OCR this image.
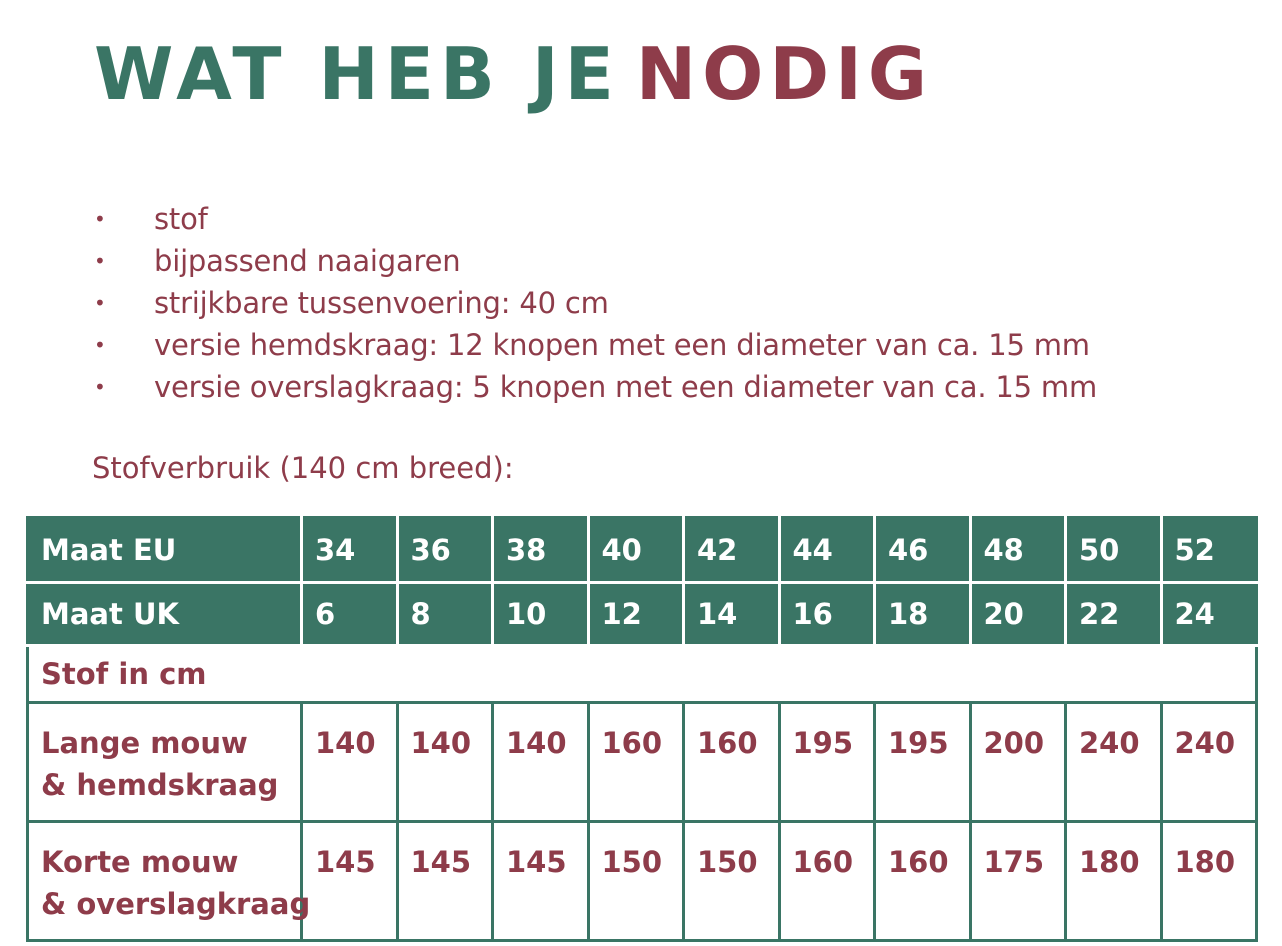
WAT HEB JE NODIG
• stof
• bijpassend naaigaren
• strijkbare tussenvoering: 40 cm
• versie hemdskraag: 12 knopen met een diameter van ca. 15 mm
• versie overslagkraag: 5 knopen met een diameter van ca. 15 mm
Stofverbruik (140 cm breed):
Maat EU	34	36	38	40	42	44	46	48	50	52
Maat UK	6	8	10	12	14	16	18	20	22	24
Stof in cm										
Lange mouw
& hemdskraag	140	140	140	160	160	195	195	200	240	240
Korte mouw
& overslagkraag	145	145	145	150	150	160	160	175	180	180
